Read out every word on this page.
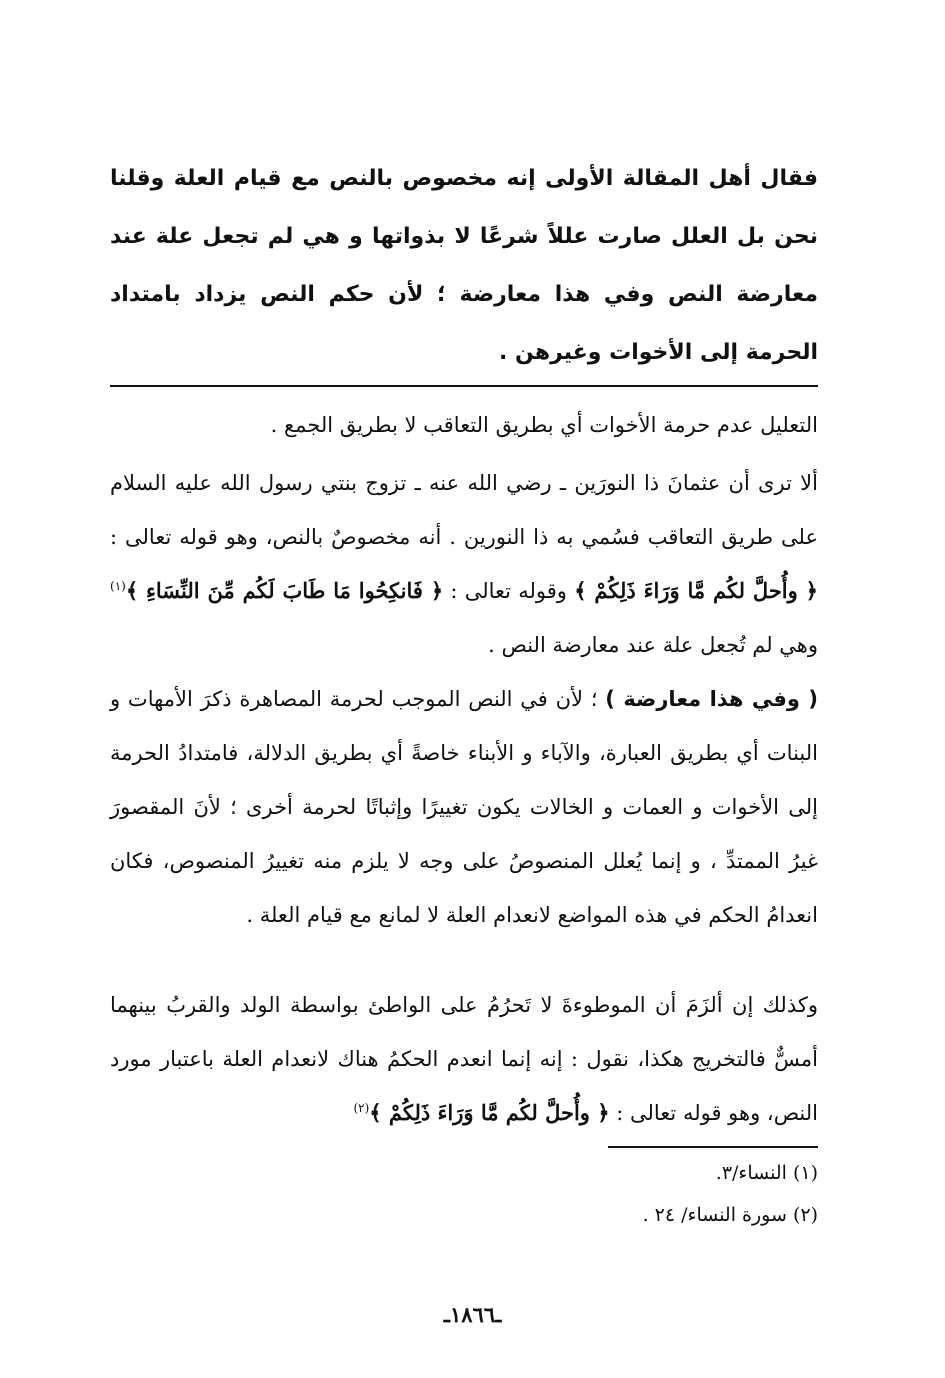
فقال أهل المقالة الأولى إنه مخصوص بالنص مع قيام العلة وقلنا نحن بل العلل صارت عللاً شرعًا لا بذواتها و هي لم تجعل علة عند معارضة النص وفي هذا معارضة ؛ لأن حكم النص يزداد بامتداد الحرمة إلى الأخوات وغيرهن .
التعليل عدم حرمة الأخوات أي بطريق التعاقب لا بطريق الجمع .
ألا ترى أن عثمانَ ذا النورَين ـ رضي الله عنه ـ تزوج بنتي رسول الله عليه السلام على طريق التعاقب فسُمي به ذا النورين . أنه مخصوصٌ بالنص، وهو قوله تعالى : ﴿ وأُحلَّ لكُم مَّا وَرَاءَ ذَلِكُمْ ﴾ وقوله تعالى : ﴿ فَانكِحُوا مَا طَابَ لَكُم مِّنَ النِّسَاءِ ﴾$^{(١)}$ وهي لم تُجعل علة عند معارضة النص .
( وفي هذا معارضة ) ؛ لأن في النص الموجب لحرمة المصاهرة ذكرَ الأمهات و البنات أي بطريق العبارة، والآباء و الأبناء خاصةً أي بطريق الدلالة، فامتدادُ الحرمة إلى الأخوات و العمات و الخالات يكون تغييرًا وإثباتًا لحرمة أخرى ؛ لأنَ المقصورَ غيرُ الممتدِّ ، و إنما يُعلل المنصوصُ على وجه لا يلزم منه تغييرُ المنصوص، فكان انعدامُ الحكم في هذه المواضع لانعدام العلة لا لمانع مع قيام العلة .
وكذلك إن ألزَمَ أن الموطوءةَ لا تَحرُمُ على الواطئ بواسطة الولد والقربُ بينهما أمسٌّ فالتخريج هكذا، نقول : إنه إنما انعدم الحكمُ هناك لانعدام العلة باعتبار مورد النص، وهو قوله تعالى : ﴿ وأُحلَّ لكُم مَّا وَرَاءَ ذَلِكُمْ ﴾$^{(٢)}$
(١) النساء/٣.
(٢) سورة النساء/ ٢٤ .
ـ١٨٦٦ـ
